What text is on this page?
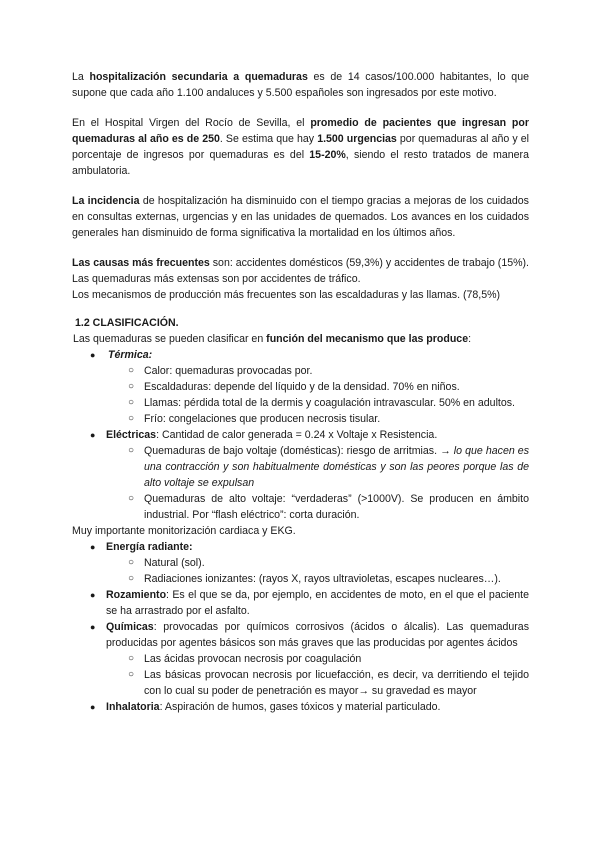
La hospitalización secundaria a quemaduras es de 14 casos/100.000 habitantes, lo que supone que cada año 1.100 andaluces y 5.500 españoles son ingresados por este motivo.

En el Hospital Virgen del Rocío de Sevilla, el promedio de pacientes que ingresan por quemaduras al año es de 250. Se estima que hay 1.500 urgencias por quemaduras al año y el porcentaje de ingresos por quemaduras es del 15-20%, siendo el resto tratados de manera ambulatoria.

La incidencia de hospitalización ha disminuido con el tiempo gracias a mejoras de los cuidados en consultas externas, urgencias y en las unidades de quemados. Los avances en los cuidados generales han disminuido de forma significativa la mortalidad en los últimos años.

Las causas más frecuentes son: accidentes domésticos (59,3%) y accidentes de trabajo (15%). Las quemaduras más extensas son por accidentes de tráfico.

Los mecanismos de producción más frecuentes son las escaldaduras y las llamas. (78,5%)

1.2 CLASIFICACIÓN.
Las quemaduras se pueden clasificar en función del mecanismo que las produce:
● Térmica:
○ Calor: quemaduras provocadas por.
○ Escaldaduras: depende del líquido y de la densidad. 70% en niños.
○ Llamas: pérdida total de la dermis y coagulación intravascular. 50% en adultos.
○ Frío: congelaciones que producen necrosis tisular.
● Eléctricas: Cantidad de calor generada = 0.24 x Voltaje x Resistencia.
○ Quemaduras de bajo voltaje (domésticas): riesgo de arritmias. → lo que hacen es una contracción y son habitualmente domésticas y son las peores porque las de alto voltaje se expulsan
○ Quemaduras de alto voltaje: “verdaderas” (>1000V). Se producen en ámbito industrial. Por “flash eléctrico”: corta duración.
Muy importante monitorización cardiaca y EKG.
● Energía radiante:
○ Natural (sol).
○ Radiaciones ionizantes: (rayos X, rayos ultravioletas, escapes nucleares…).
● Rozamiento: Es el que se da, por ejemplo, en accidentes de moto, en el que el paciente se ha arrastrado por el asfalto.
● Químicas: provocadas por químicos corrosivos (ácidos o álcalis). Las quemaduras producidas por agentes básicos son más graves que las producidas por agentes ácidos
○ Las ácidas provocan necrosis por coagulación
○ Las básicas provocan necrosis por licuefacción, es decir, va derritiendo el tejido con lo cual su poder de penetración es mayor→ su gravedad es mayor
● Inhalatoria: Aspiración de humos, gases tóxicos y material particulado.
